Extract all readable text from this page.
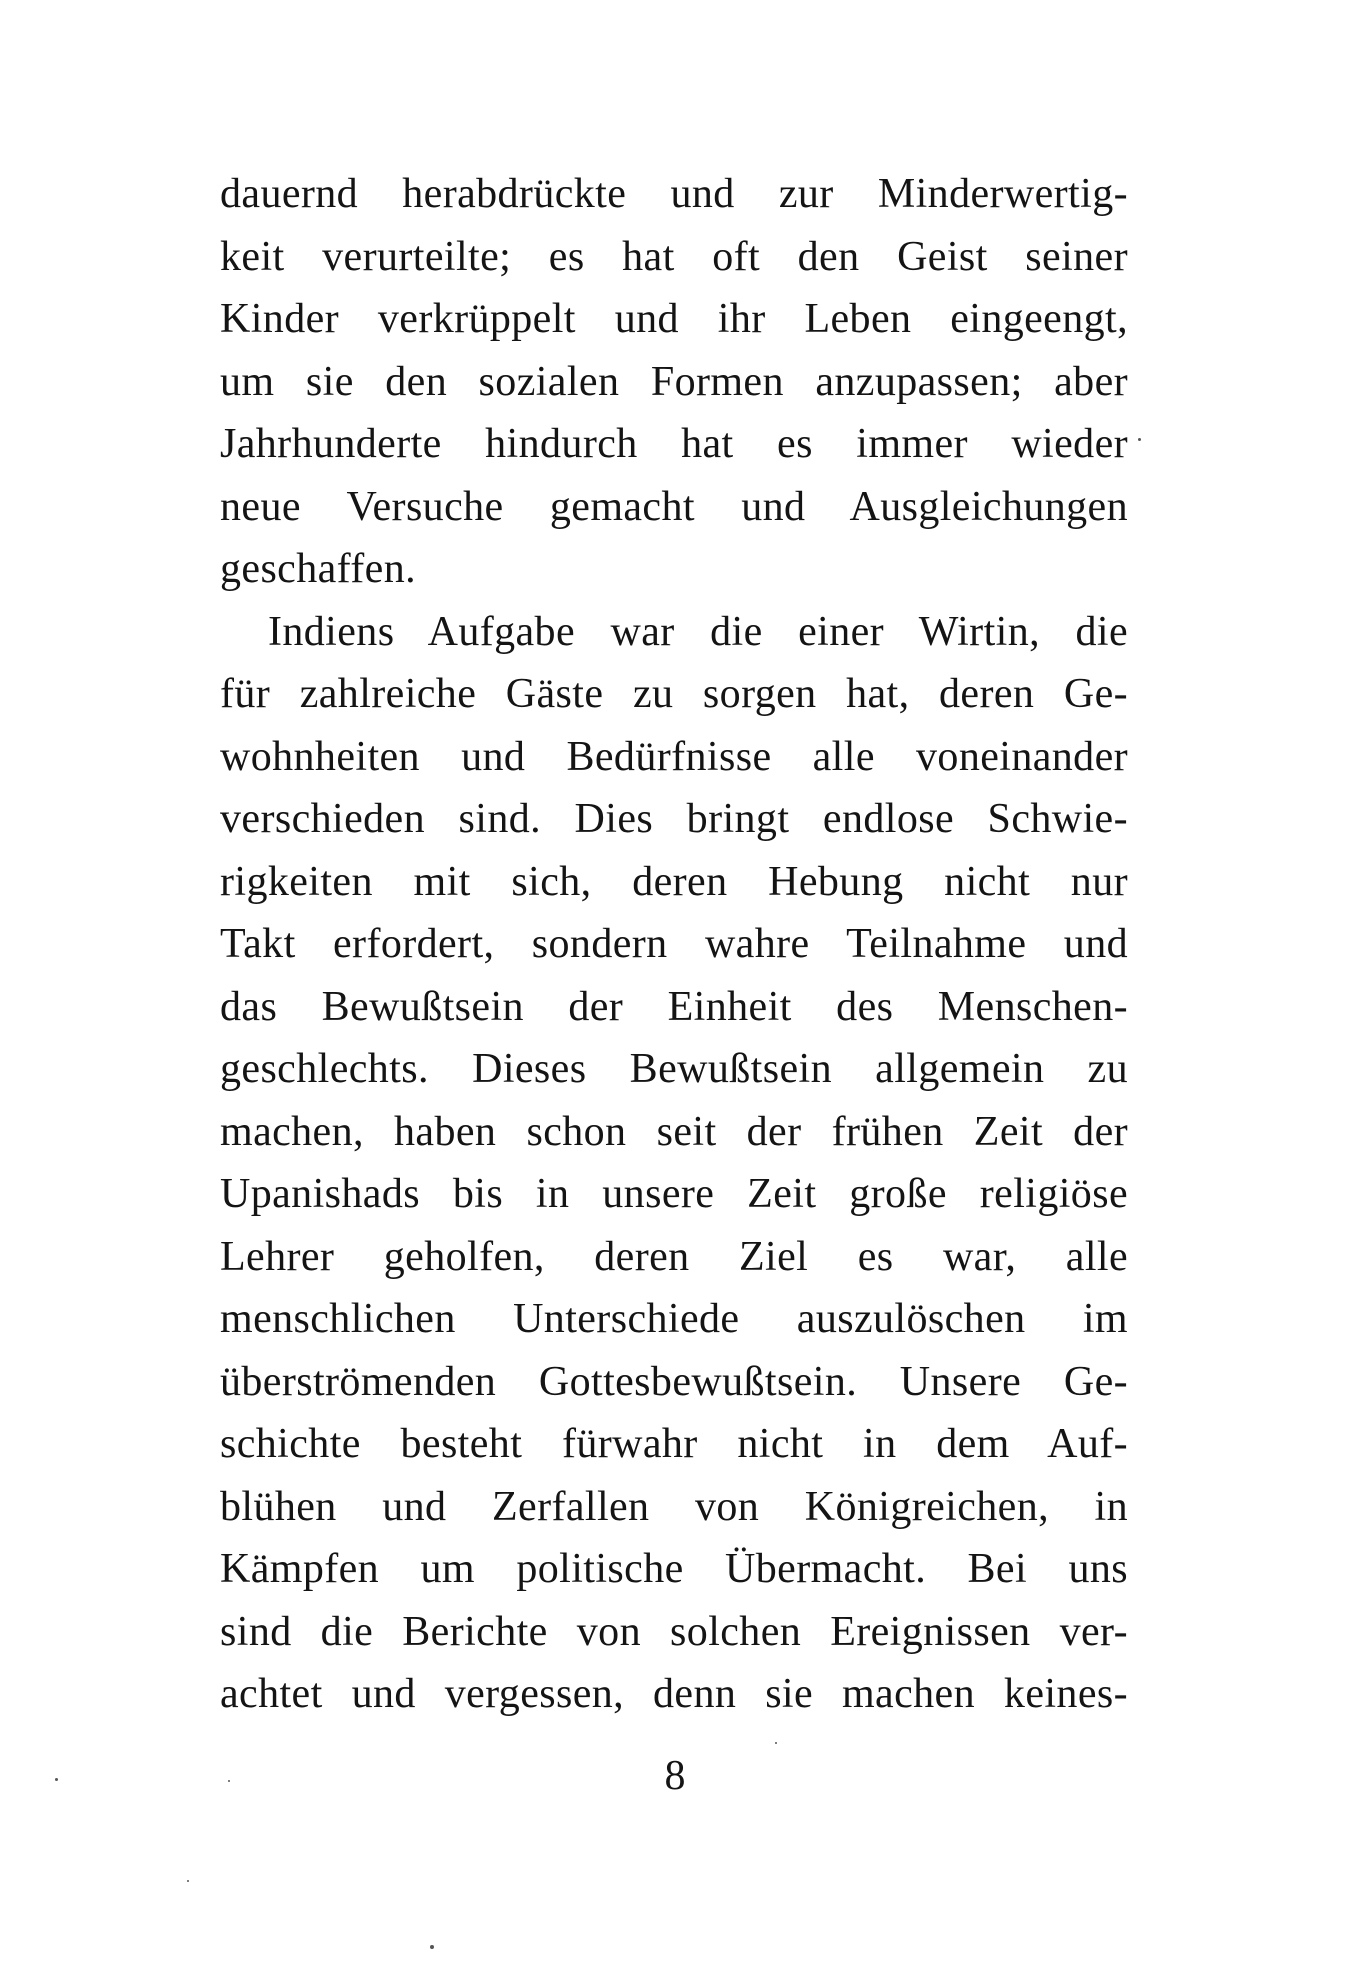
dauernd herabdrückte und zur Minderwertig-
keit verurteilte; es hat oft den Geist seiner
Kinder verkrüppelt und ihr Leben eingeengt,
um sie den sozialen Formen anzupassen; aber
Jahrhunderte hindurch hat es immer wieder
neue Versuche gemacht und Ausgleichungen
geschaffen.
Indiens Aufgabe war die einer Wirtin, die
für zahlreiche Gäste zu sorgen hat, deren Ge-
wohnheiten und Bedürfnisse alle voneinander
verschieden sind. Dies bringt endlose Schwie-
rigkeiten mit sich, deren Hebung nicht nur
Takt erfordert, sondern wahre Teilnahme und
das Bewußtsein der Einheit des Menschen-
geschlechts. Dieses Bewußtsein allgemein zu
machen, haben schon seit der frühen Zeit der
Upanishads bis in unsere Zeit große religiöse
Lehrer geholfen, deren Ziel es war, alle
menschlichen Unterschiede auszulöschen im
überströmenden Gottesbewußtsein. Unsere Ge-
schichte besteht fürwahr nicht in dem Auf-
blühen und Zerfallen von Königreichen, in
Kämpfen um politische Übermacht. Bei uns
sind die Berichte von solchen Ereignissen ver-
achtet und vergessen, denn sie machen keines-
8
